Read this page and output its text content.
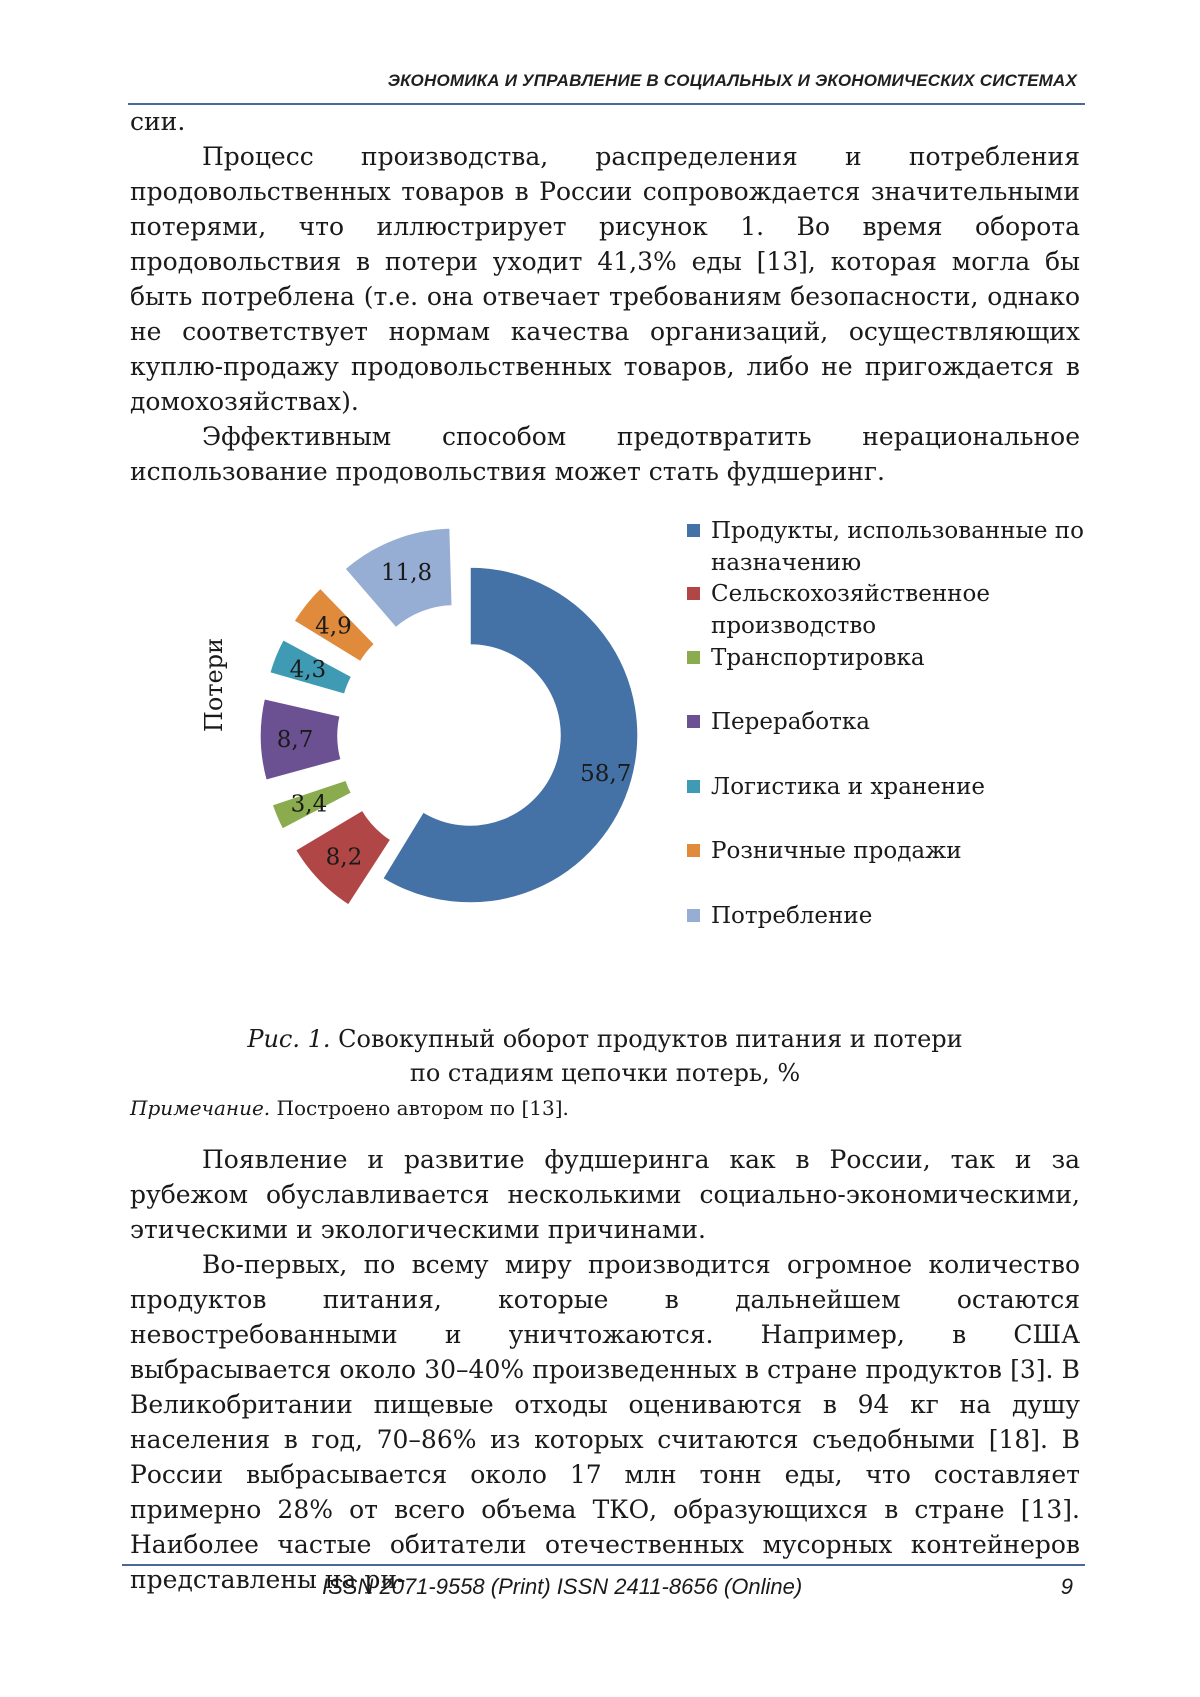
ЭКОНОМИКА И УПРАВЛЕНИЕ В СОЦИАЛЬНЫХ И ЭКОНОМИЧЕСКИХ СИСТЕМАХ

сии.

Процесс производства, распределения и потребления продовольственных товаров в России сопровождается значительными потерями, что иллюстрирует рисунок 1. Во время оборота продовольствия в потери уходит 41,3% еды [13], которая могла бы быть потреблена (т.е. она отвечает требованиям безопасности, однако не соответствует нормам качества организаций, осуществляющих куплю-продажу продовольственных товаров, либо не пригождается в домохозяйствах).

Эффективным способом предотвратить нерациональное использование продовольствия может стать фудшеринг.

58,7
8,2
3,4
8,7
4,3
4,9
11,8
Потери
Продукты, использованные по назначению
Сельскохозяйственное производство
Транспортировка
Переработка
Логистика и хранение
Розничные продажи
Потребление
Рис. 1. Совокупный оборот продуктов питания и потери
по стадиям цепочки потерь, %
Примечание. Построено автором по [13].

Появление и развитие фудшеринга как в России, так и за рубежом обуславливается несколькими социально-экономическими, этическими и экологическими причинами.

Во-первых, по всему миру производится огромное количество продуктов питания, которые в дальнейшем остаются невостребованными и уничтожаются. Например, в США выбрасывается около 30–40% произведенных в стране продуктов [3]. В Великобритании пищевые отходы оцениваются в 94 кг на душу населения в год, 70–86% из которых считаются съедобными [18]. В России выбрасывается около 17 млн тонн еды, что составляет примерно 28% от всего объема ТКО, образующихся в стране [13]. Наиболее частые обитатели отечественных мусорных контейнеров представлены на ри-

ISSN 2071-9558 (Print) ISSN 2411-8656 (Online)	9
